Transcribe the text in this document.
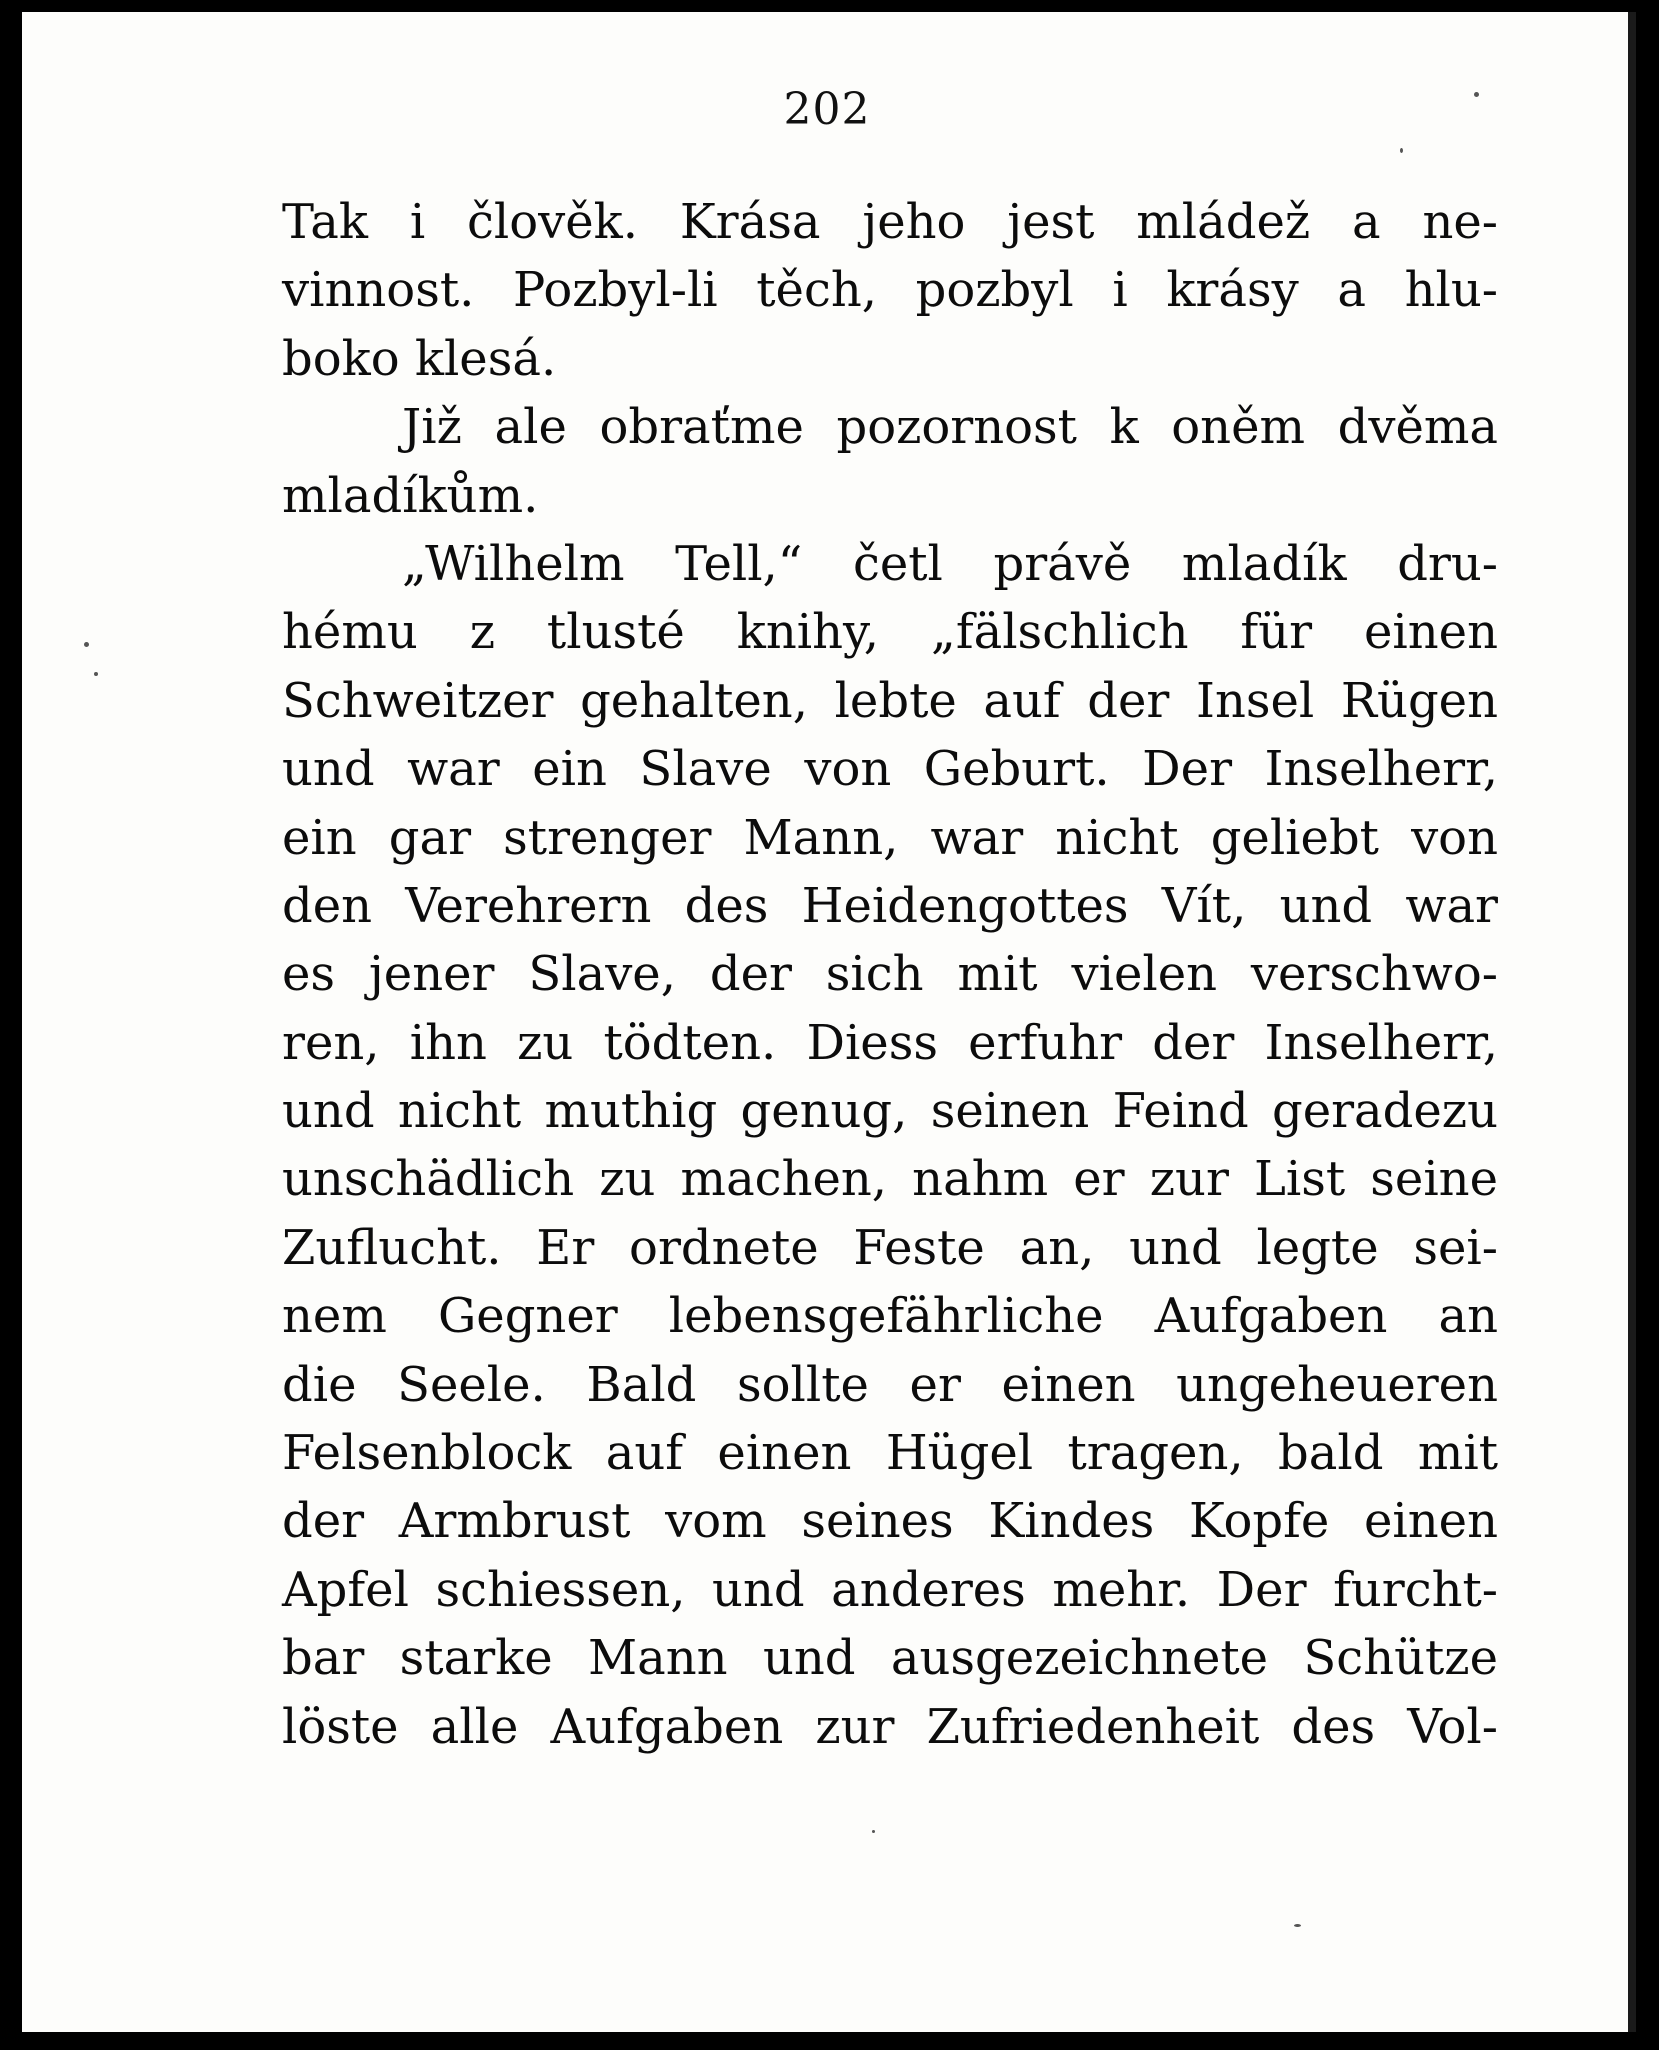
202
Tak i člověk. Krása jeho jest mládež a ne-
vinnost. Pozbyl-li těch, pozbyl i krásy a hlu-
boko klesá.
Již ale obraťme pozornost k oněm dvěma
mladíkům.
„Wilhelm Tell,“ četl právě mladík dru-
hému z tlusté knihy, „fälschlich für einen
Schweitzer gehalten, lebte auf der Insel Rügen
und war ein Slave von Geburt. Der Inselherr,
ein gar strenger Mann, war nicht geliebt von
den Verehrern des Heidengottes Vít, und war
es jener Slave, der sich mit vielen verschwo-
ren, ihn zu tödten. Diess erfuhr der Inselherr,
und nicht muthig genug, seinen Feind geradezu
unschädlich zu machen, nahm er zur List seine
Zuflucht. Er ordnete Feste an, und legte sei-
nem Gegner lebensgefährliche Aufgaben an
die Seele. Bald sollte er einen ungeheueren
Felsenblock auf einen Hügel tragen, bald mit
der Armbrust vom seines Kindes Kopfe einen
Apfel schiessen, und anderes mehr. Der furcht-
bar starke Mann und ausgezeichnete Schütze
löste alle Aufgaben zur Zufriedenheit des Vol-
